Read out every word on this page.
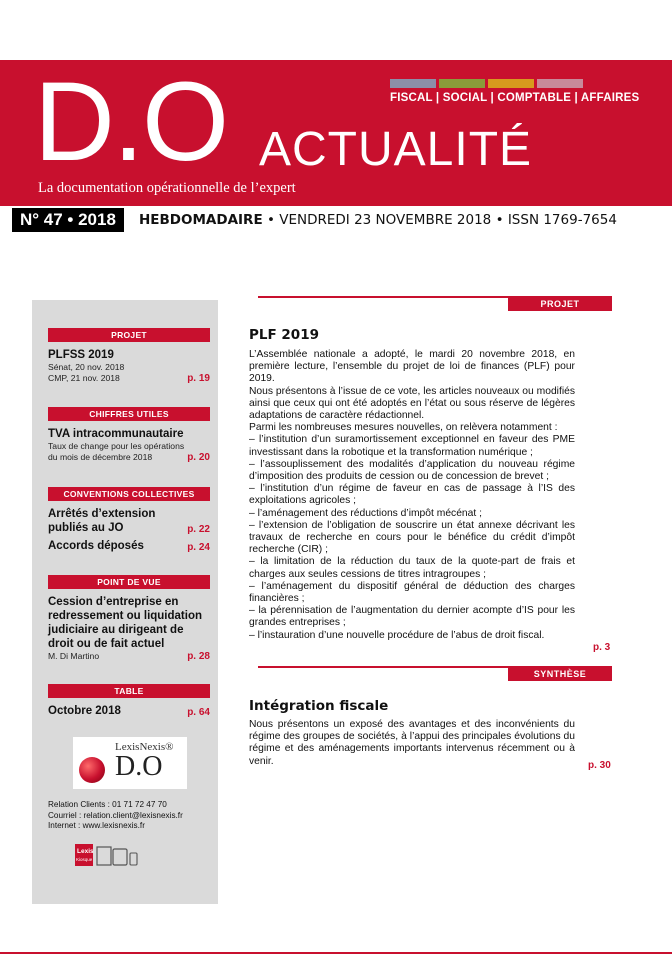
FISCAL | SOCIAL | COMPTABLE | AFFAIRES
D.O ACTUALITÉ
La documentation opérationnelle de l’expert
N° 47 • 2018	HEBDOMADAIRE • VENDREDI 23 NOVEMBRE 2018 • ISSN 1769-7654
PROJET
PLFSS 2019
Sénat, 20 nov. 2018
CMP, 21 nov. 2018	p. 19
CHIFFRES UTILES
TVA intracommunautaire
Taux de change pour les opérations
du mois de décembre 2018	p. 20
CONVENTIONS COLLECTIVES
Arrêtés d’extension publiés au JO	p. 22
Accords déposés	p. 24
POINT DE VUE
Cession d’entreprise en redressement ou liquidation judiciaire au dirigeant de droit ou de fait actuel
M. Di Martino	p. 28
TABLE
Octobre 2018	p. 64
LexisNexis®
D.O
Relation Clients : 01 71 72 47 70
Courriel : relation.client@lexisnexis.fr
Internet : www.lexisnexis.fr
Lexis
Kiosque
PROJET
PLF 2019

L’Assemblée nationale a adopté, le mardi 20 novembre 2018, en première lecture, l’ensemble du projet de loi de finances (PLF) pour 2019.

Nous présentons à l’issue de ce vote, les articles nouveaux ou modifiés ainsi que ceux qui ont été adoptés en l’état ou sous réserve de légères adaptations de caractère rédactionnel.

Parmi les nombreuses mesures nouvelles, on relèvera notamment :

– l’institution d’un suramortissement exceptionnel en faveur des PME investissant dans la robotique et la transformation numérique ;

– l’assouplissement des modalités d’application du nouveau régime d’imposition des produits de cession ou de concession de brevet ;

– l’institution d’un régime de faveur en cas de passage à l’IS des exploitations agricoles ;

– l’aménagement des réductions d’impôt mécénat ;

– l’extension de l’obligation de souscrire un état annexe décrivant les travaux de recherche en cours pour le bénéfice du crédit d’impôt recherche (CIR) ;

– la limitation de la réduction du taux de la quote-part de frais et charges aux seules cessions de titres intragroupes ;

– l’aménagement du dispositif général de déduction des charges financières ;

– la pérennisation de l’augmentation du dernier acompte d’IS pour les grandes entreprises ;

– l’instauration d’une nouvelle procédure de l’abus de droit fiscal.

p. 3
SYNTHÈSE
Intégration fiscale

Nous présentons un exposé des avantages et des inconvénients du régime des groupes de sociétés, à l’appui des principales évolutions du régime et des aménagements importants intervenus récemment ou à venir.	p. 30
